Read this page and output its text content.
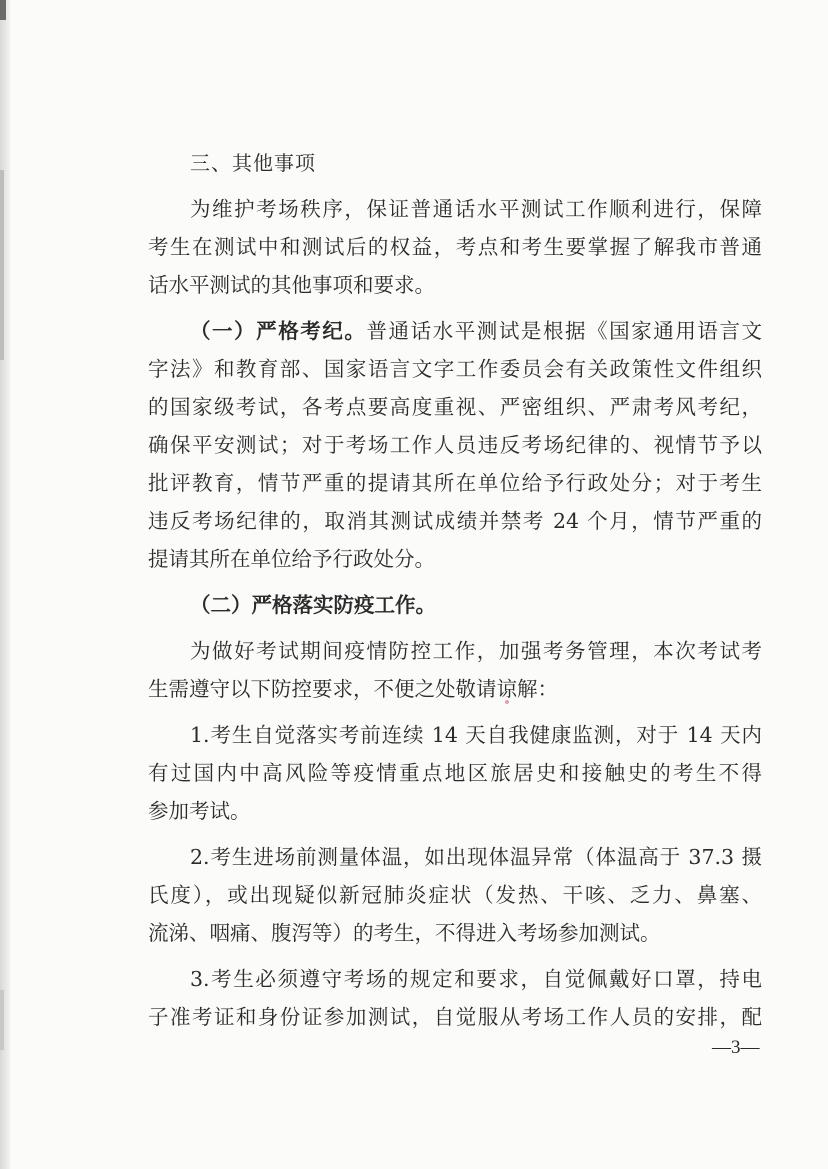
三、其他事项
为维护考场秩序，保证普通话水平测试工作顺利进行，保障
考生在测试中和测试后的权益，考点和考生要掌握了解我市普通
话水平测试的其他事项和要求。
（一）严格考纪。普通话水平测试是根据《国家通用语言文
字法》和教育部、国家语言文字工作委员会有关政策性文件组织
的国家级考试，各考点要高度重视、严密组织、严肃考风考纪，
确保平安测试；对于考场工作人员违反考场纪律的、视情节予以
批评教育，情节严重的提请其所在单位给予行政处分；对于考生
违反考场纪律的，取消其测试成绩并禁考 24 个月，情节严重的
提请其所在单位给予行政处分。
（二）严格落实防疫工作。
为做好考试期间疫情防控工作，加强考务管理，本次考试考
生需遵守以下防控要求，不便之处敬请谅解：
1.考生自觉落实考前连续 14 天自我健康监测，对于 14 天内
有过国内中高风险等疫情重点地区旅居史和接触史的考生不得
参加考试。
2.考生进场前测量体温，如出现体温异常（体温高于 37.3 摄
氏度），或出现疑似新冠肺炎症状（发热、干咳、乏力、鼻塞、
流涕、咽痛、腹泻等）的考生，不得进入考场参加测试。
3.考生必须遵守考场的规定和要求，自觉佩戴好口罩，持电
子准考证和身份证参加测试，自觉服从考场工作人员的安排，配
—3—
